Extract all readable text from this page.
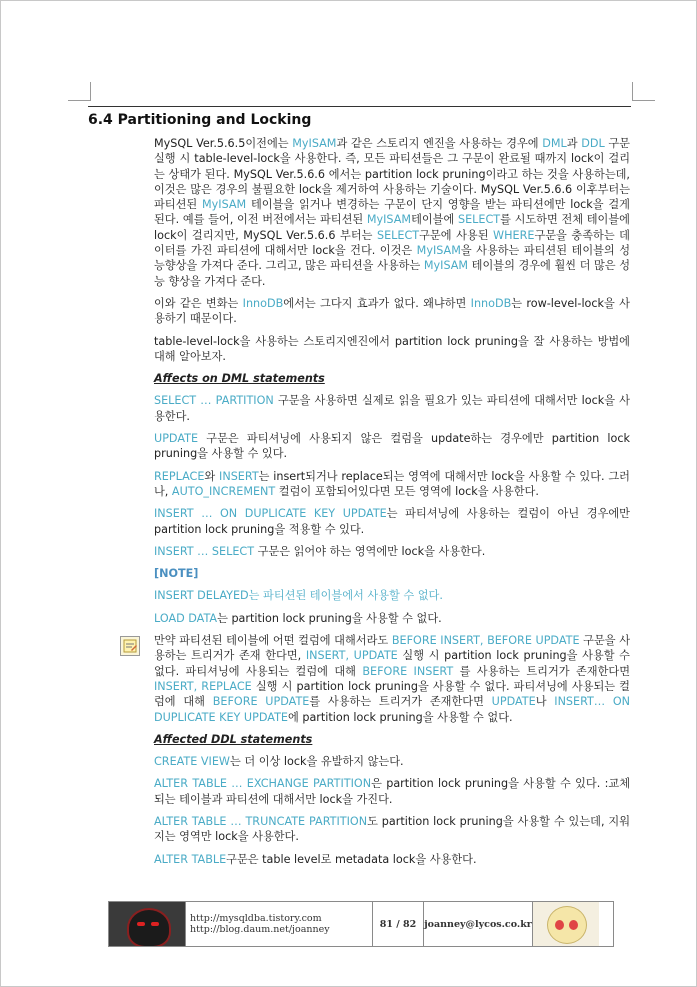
6.4 Partitioning and Locking

MySQL Ver.5.6.5이전에는 MyISAM과 같은 스토리지 엔진을 사용하는 경우에 DML과 DDL 구문 실행 시 table-level-lock을 사용한다. 즉, 모든 파티션들은 그 구문이 완료될 때까지 lock이 걸리는 상태가 된다. MySQL Ver.5.6.6 에서는 partition lock pruning이라고 하는 것을 사용하는데, 이것은 많은 경우의 불필요한 lock을 제거하여 사용하는 기술이다. MySQL Ver.5.6.6 이후부터는 파티션된 MyISAM 테이블을 읽거나 변경하는 구문이 단지 영향을 받는 파티션에만 lock을 걸게 된다. 예를 들어, 이전 버전에서는 파티션된 MyISAM테이블에 SELECT를 시도하면 전체 테이블에 lock이 걸리지만, MySQL Ver.5.6.6 부터는 SELECT구문에 사용된 WHERE구문을 충족하는 데이터를 가진 파티션에 대해서만 lock을 건다. 이것은 MyISAM을 사용하는 파티션된 테이블의 성능향상을 가져다 준다. 그리고, 많은 파티션을 사용하는 MyISAM 테이블의 경우에 훨씬 더 많은 성능 향상을 가져다 준다.

이와 같은 변화는 InnoDB에서는 그다지 효과가 없다. 왜냐하면 InnoDB는 row-level-lock을 사용하기 때문이다.

table-level-lock을 사용하는 스토리지엔진에서 partition lock pruning을 잘 사용하는 방법에 대해 알아보자.

Affects on DML statements

SELECT … PARTITION 구문을 사용하면 실제로 읽을 필요가 있는 파티션에 대해서만 lock을 사용한다.

UPDATE 구문은 파티셔닝에 사용되지 않은 컬럼을 update하는 경우에만 partition lock pruning을 사용할 수 있다.

REPLACE와 INSERT는 insert되거나 replace되는 영역에 대해서만 lock을 사용할 수 있다. 그러나, AUTO_INCREMENT 컬럼이 포함되어있다면 모든 영역에 lock을 사용한다.

INSERT … ON DUPLICATE KEY UPDATE는 파티셔닝에 사용하는 컬럼이 아닌 경우에만 partition lock pruning을 적용할 수 있다.

INSERT … SELECT 구문은 읽어야 하는 영역에만 lock을 사용한다.

[NOTE]

INSERT DELAYED는 파티션된 테이블에서 사용할 수 없다.

LOAD DATA는 partition lock pruning을 사용할 수 없다.

만약 파티션된 테이블에 어떤 컬럼에 대해서라도 BEFORE INSERT, BEFORE UPDATE 구문을 사용하는 트리거가 존재 한다면, INSERT, UPDATE 실행 시 partition lock pruning을 사용할 수 없다. 파티셔닝에 사용되는 컬럼에 대해 BEFORE INSERT 를 사용하는 트리거가 존재한다면 INSERT, REPLACE 실행 시 partition lock pruning을 사용할 수 없다. 파티셔닝에 사용되는 컬럼에 대해 BEFORE UPDATE를 사용하는 트리거가 존재한다면 UPDATE나 INSERT… ON DUPLICATE KEY UPDATE에 partition lock pruning을 사용할 수 없다.

Affected DDL statements

CREATE VIEW는 더 이상 lock을 유발하지 않는다.

ALTER TABLE … EXCHANGE PARTITION은 partition lock pruning을 사용할 수 있다. :교체되는 테이블과 파티션에 대해서만 lock을 가진다.

ALTER TABLE … TRUNCATE PARTITION도 partition lock pruning을 사용할 수 있는데, 지워지는 영역만 lock을 사용한다.

ALTER TABLE구문은 table level로 metadata lock을 사용한다.

http://mysqldba.tistory.com
http://blog.daum.net/joanney	81 / 82 joanney@lycos.co.kr
